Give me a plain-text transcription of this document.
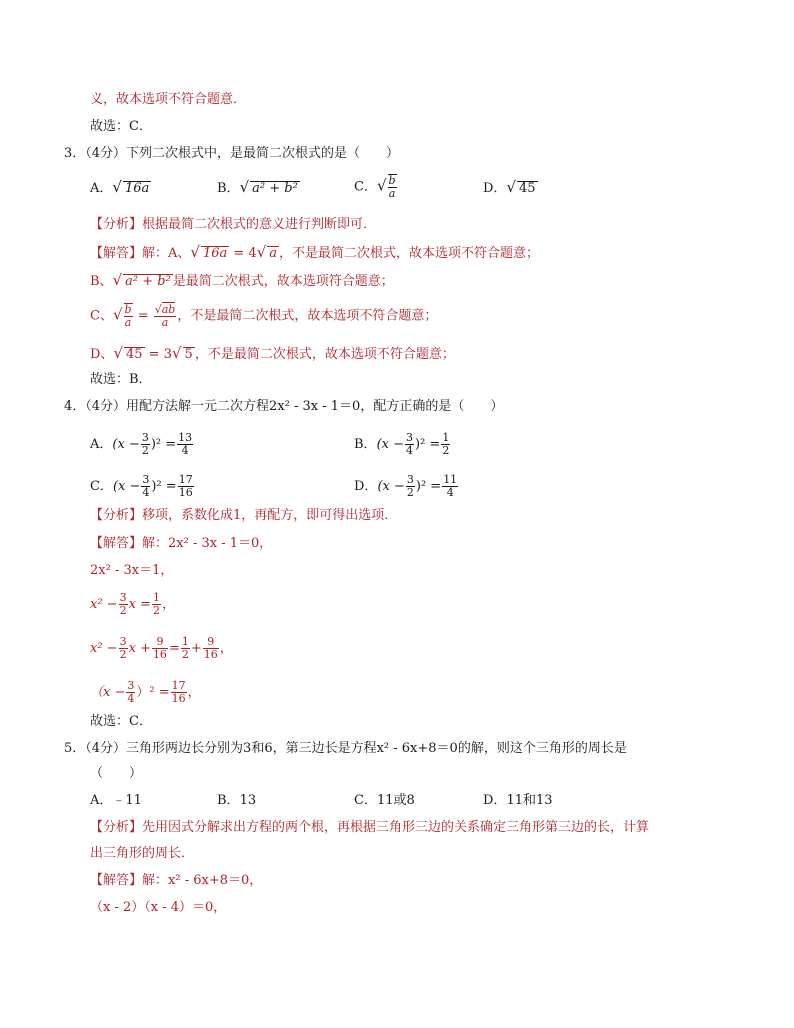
义，故本选项不符合题意．
故选：C．
3．（4分）下列二次根式中，是最简二次根式的是（　　）
A．√ 16a	B．√ a² + b²	C．√ $\frac{b}{a}$	D．√ 45
【分析】根据最简二次根式的意义进行判断即可．
【解答】解：A、√ 16a = 4√ a ，不是最简二次根式，故本选项不符合题意；
B、√ a² + b² 是最简二次根式，故本选项符合题意；
C、√ $\frac{b}{a} = \frac{√ab}{a}$ ，不是最简二次根式，故本选项不符合题意；
D、√ 45 = 3√ 5 ，不是最简二次根式，故本选项不符合题意；
故选：B．
4．（4分）用配方法解一元二次方程2x² - 3x - 1＝0，配方正确的是（　　）
A．$(x - \frac{3}{2} )^2 = \frac{13}{4}$	B．$(x - \frac{3}{4} )^2 = \frac{1}{2}$
C．$(x - \frac{3}{4} )^2 = \frac{17}{16}$	D．$(x - \frac{3}{2} )^2 = \frac{11}{4}$
【分析】移项，系数化成1，再配方，即可得出选项．
【解答】解：2x² - 3x - 1＝0，
2x² - 3x＝1，
$x^2 - \frac{3}{2}$ $x = \frac{1}{2}$ ，
$x^2 - \frac{3}{2}$ $x + \frac{9}{16} = \frac{1}{2} + \frac{9}{16}$ ，
$(x - \frac{3}{4} )^2 = \frac{17}{16}$ ，
故选：C．
5．（4分）三角形两边长分别为3和6，第三边长是方程x² - 6x+8＝0的解，则这个三角形的周长是
（　　）
A．﹣11	B．13	C．11或8	D．11和13
【分析】先用因式分解求出方程的两个根，再根据三角形三边的关系确定三角形第三边的长，计算
出三角形的周长．
【解答】解：x² - 6x+8＝0，
（x - 2）（x - 4）＝0，
